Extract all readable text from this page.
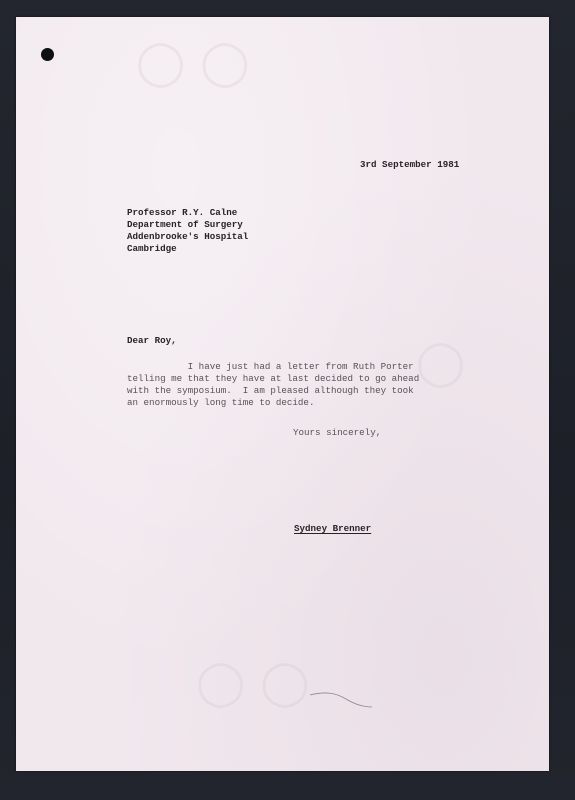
◯ ◯
◯
◯ ◯
3rd September 1981
Professor R.Y. Calne
Department of Surgery
Addenbrooke's Hospital
Cambridge
Dear Roy,
I have just had a letter from Ruth Porter
telling me that they have at last decided to go ahead
with the symposium.  I am pleased although they took
an enormously long time to decide.
Yours sincerely,
Sydney Brenner
